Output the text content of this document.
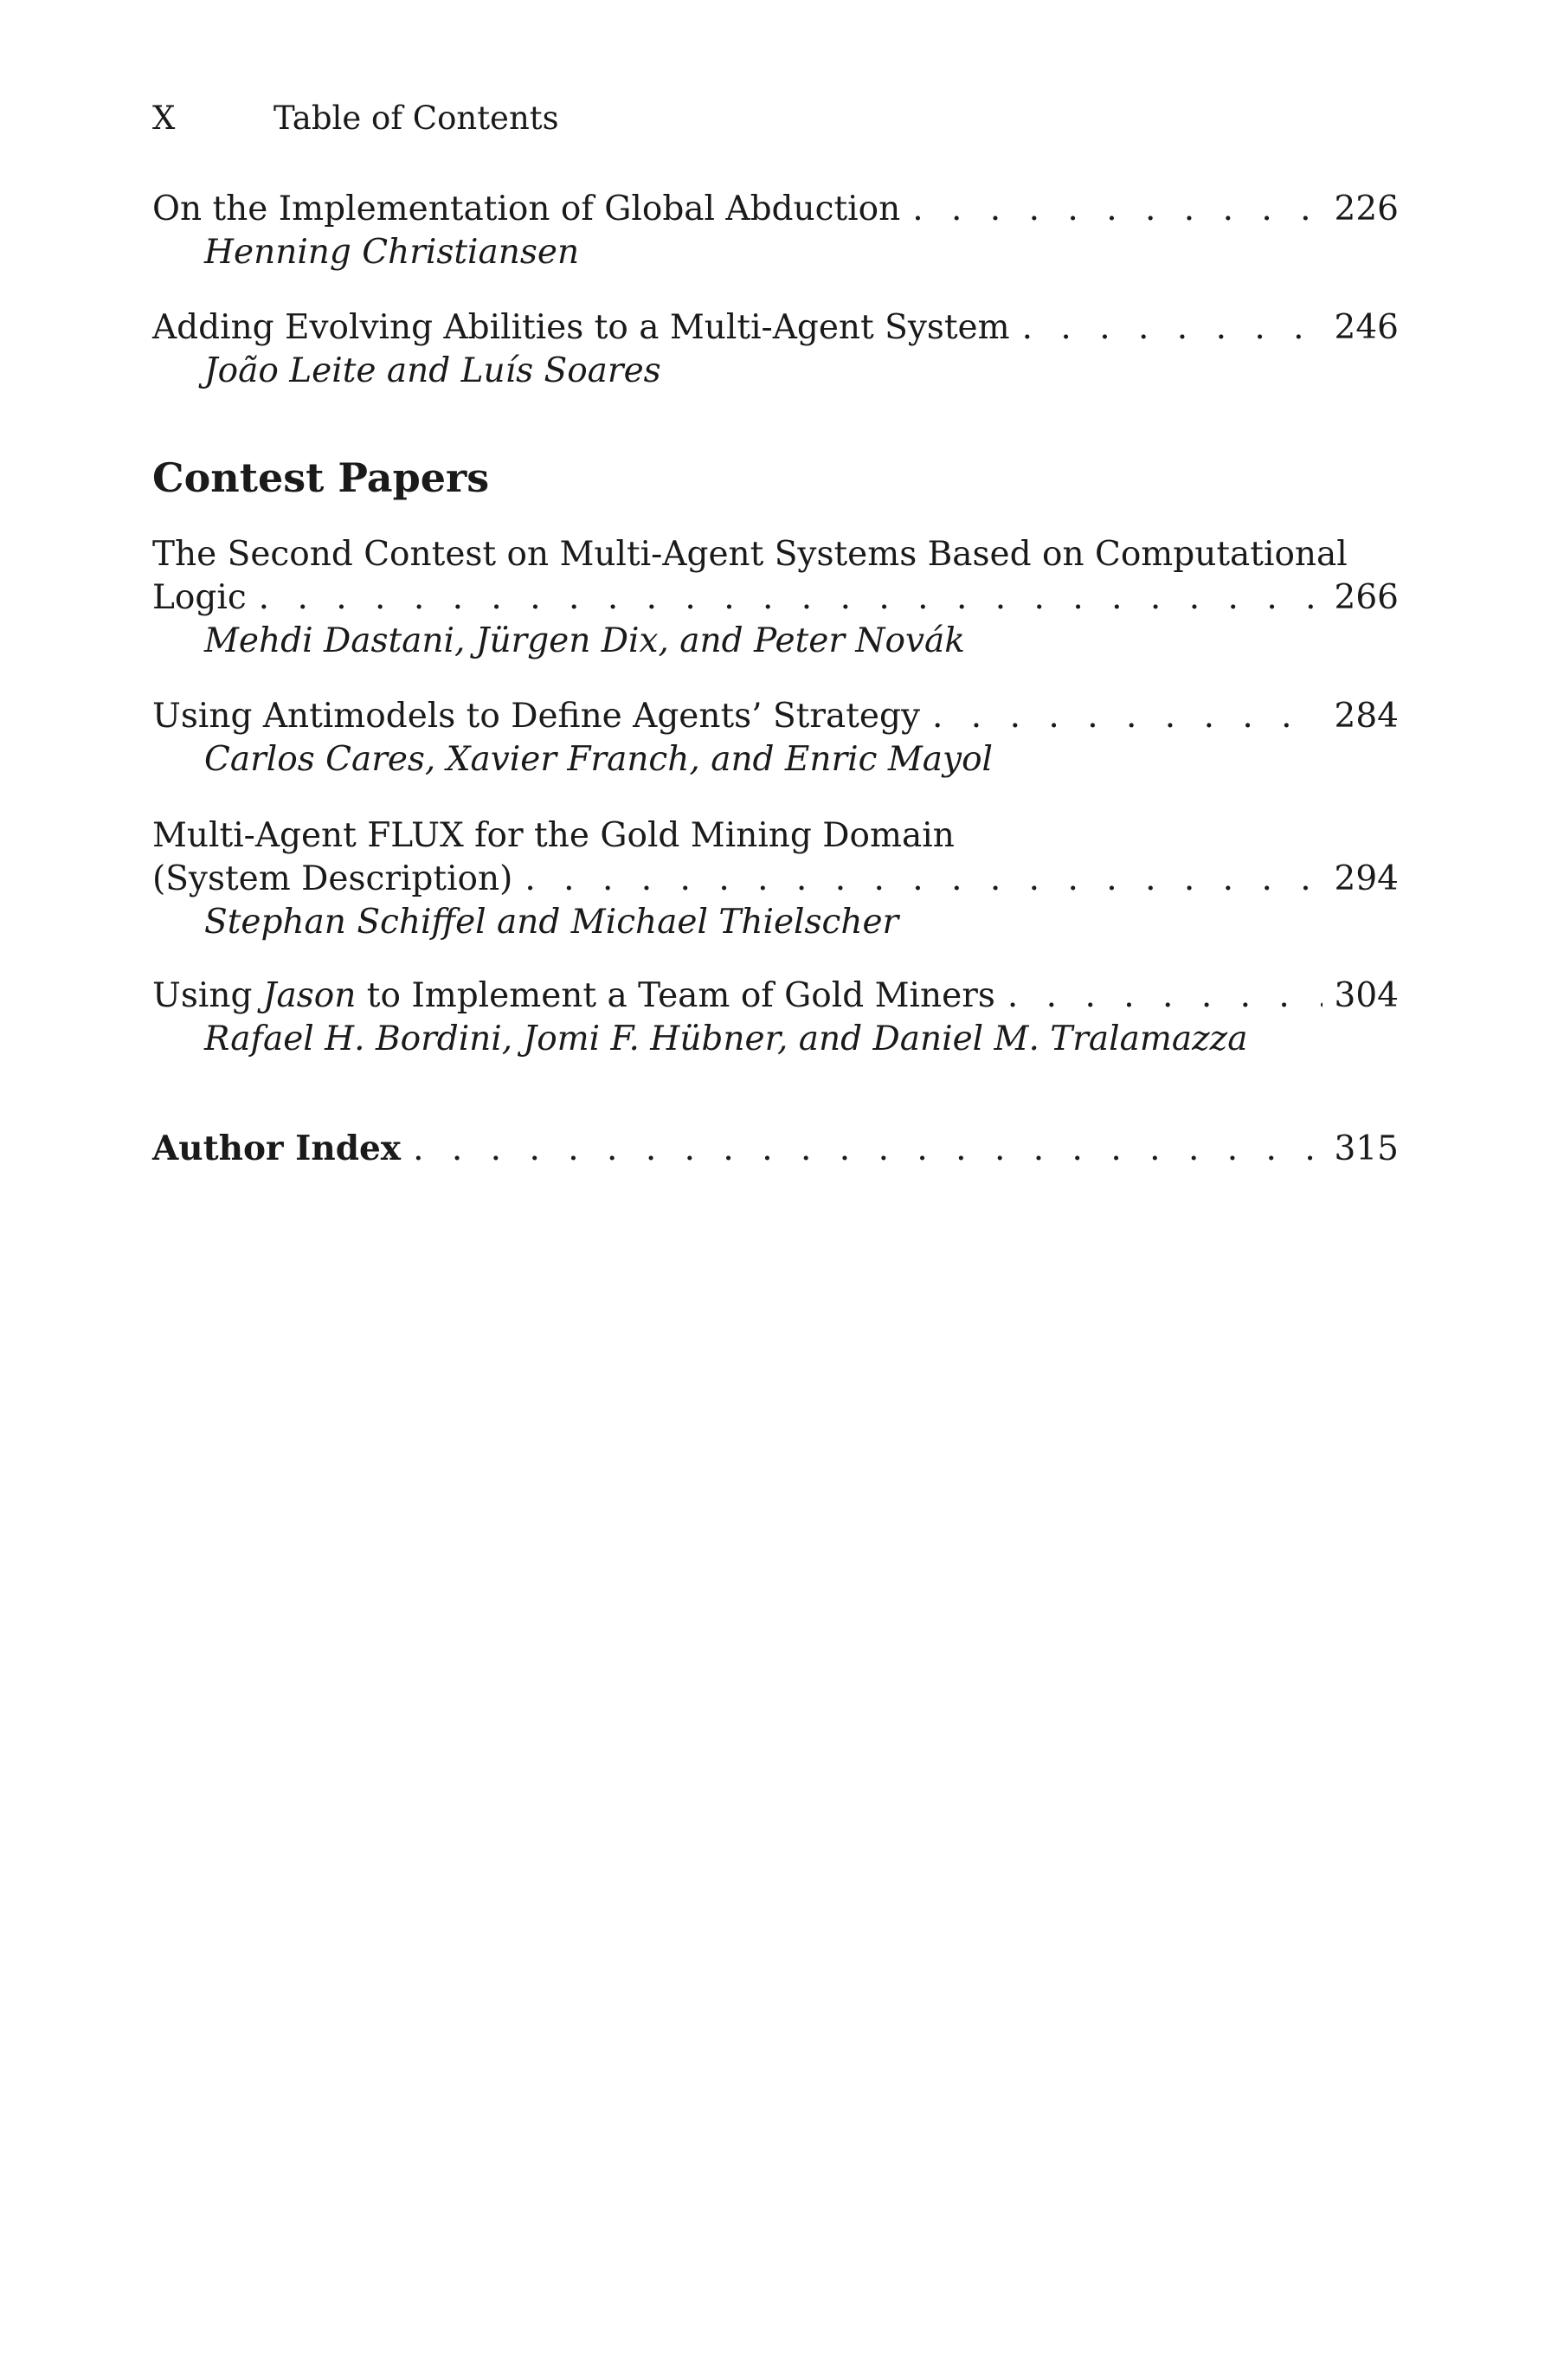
X	Table of Contents
On the Implementation of Global Abduction . . .	226
Henning Christiansen
Adding Evolving Abilities to a Multi-Agent System . . .	246
João Leite and Luís Soares
Contest Papers
The Second Contest on Multi-Agent Systems Based on Computational
Logic . . .	266
Mehdi Dastani, Jürgen Dix, and Peter Novák
Using Antimodels to Define Agents’ Strategy . . .	284
Carlos Cares, Xavier Franch, and Enric Mayol
Multi-Agent FLUX for the Gold Mining Domain
(System Description) . . .	294
Stephan Schiffel and Michael Thielscher
Using Jason to Implement a Team of Gold Miners . . .	304
Rafael H. Bordini, Jomi F. Hübner, and Daniel M. Tralamazza
Author Index . . .	315
